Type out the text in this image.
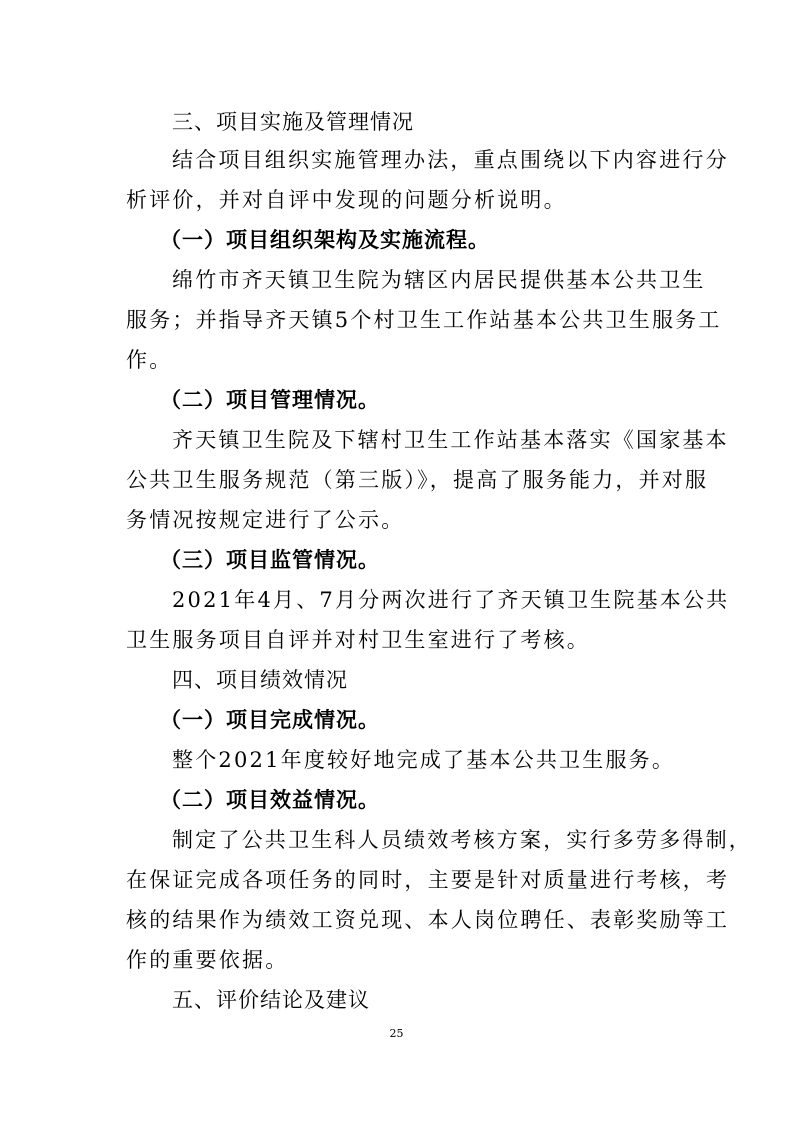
三、项目实施及管理情况
结合项目组织实施管理办法，重点围绕以下内容进行分
析评价，并对自评中发现的问题分析说明。
（一）项目组织架构及实施流程。
绵竹市齐天镇卫生院为辖区内居民提供基本公共卫生
服务；并指导齐天镇5个村卫生工作站基本公共卫生服务工
作。
（二）项目管理情况。
齐天镇卫生院及下辖村卫生工作站基本落实《国家基本
公共卫生服务规范（第三版）》，提高了服务能力，并对服
务情况按规定进行了公示。
（三）项目监管情况。
2021年4月、7月分两次进行了齐天镇卫生院基本公共
卫生服务项目自评并对村卫生室进行了考核。
四、项目绩效情况
（一）项目完成情况。
整个2021年度较好地完成了基本公共卫生服务。
（二）项目效益情况。
制定了公共卫生科人员绩效考核方案，实行多劳多得制，
在保证完成各项任务的同时，主要是针对质量进行考核，考
核的结果作为绩效工资兑现、本人岗位聘任、表彰奖励等工
作的重要依据。
五、评价结论及建议
25
